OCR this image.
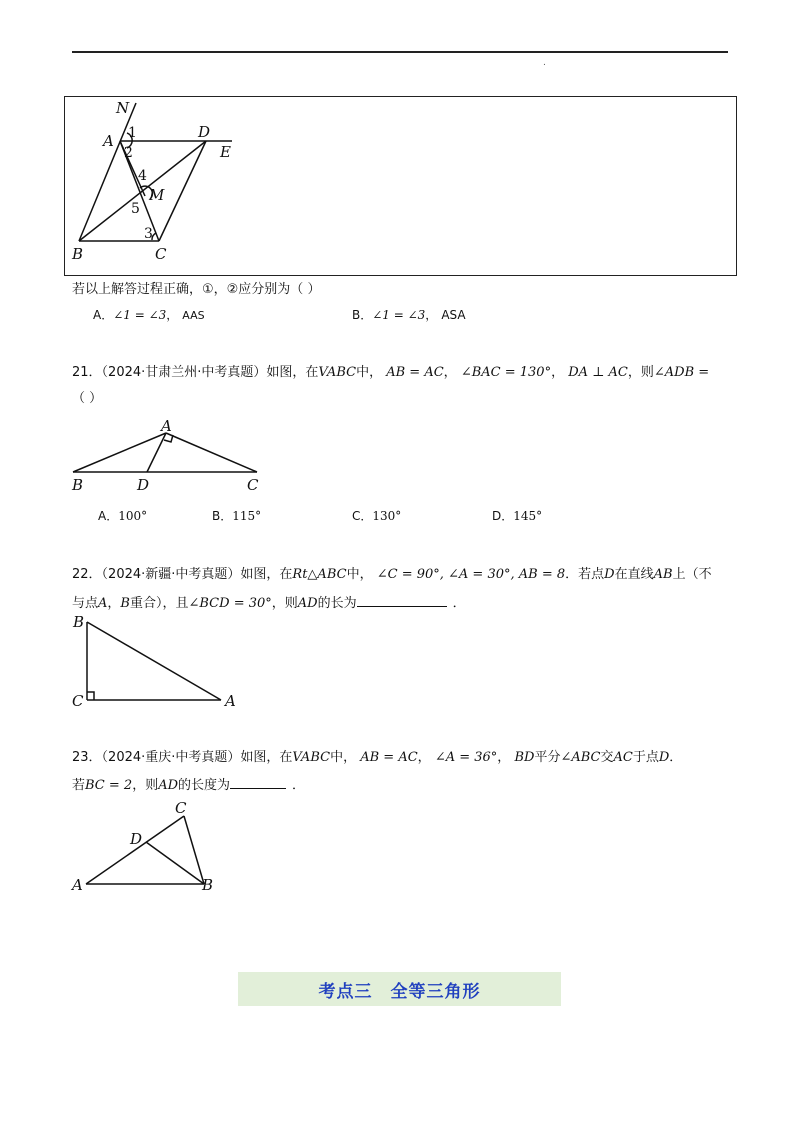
.
N
A	D
E
M
B	C
1
2
3
4
5
A
B	D	C
B
C	A
C
D
A	B
若以上解答过程正确，①，②应分别为（ ）
A．∠1 = ∠3， AAS	B．∠1 = ∠3， ASA
21．（2024·甘肃兰州·中考真题）如图，在VABC中， AB = AC， ∠BAC = 130°， DA ⊥ AC，则∠ADB =
（ ）
A．100°	B．115°	C．130°	D．145°
22．（2024·新疆·中考真题）如图，在Rt△ABC中， ∠C = 90°, ∠A = 30°, AB = 8．若点D在直线AB上（不
与点A，B重合），且∠BCD = 30°，则AD的长为	．
23．（2024·重庆·中考真题）如图，在VABC中， AB = AC， ∠A = 36°， BD平分∠ABC交AC于点D．
若BC = 2，则AD的长度为	．
考点三　全等三角形
